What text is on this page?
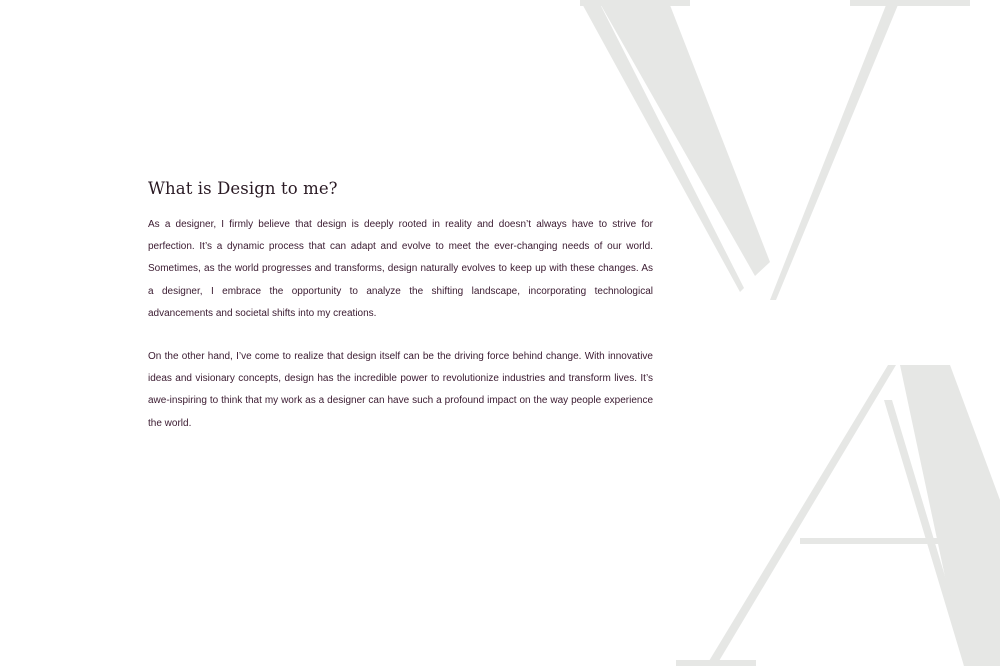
What is Design to me?

As a designer, I firmly believe that design is deeply rooted in reality and doesn’t always have to strive for perfection. It’s a dynamic process that can adapt and evolve to meet the ever-changing needs of our world. Sometimes, as the world progresses and transforms, design naturally evolves to keep up with these changes. As a designer, I embrace the opportunity to analyze the shifting landscape, incorporating technological advancements and societal shifts into my creations.

On the other hand, I’ve come to realize that design itself can be the driving force behind change. With innovative ideas and visionary concepts, design has the incredible power to revolutionize industries and transform lives. It’s awe-inspiring to think that my work as a designer can have such a profound impact on the way people experience the world.
